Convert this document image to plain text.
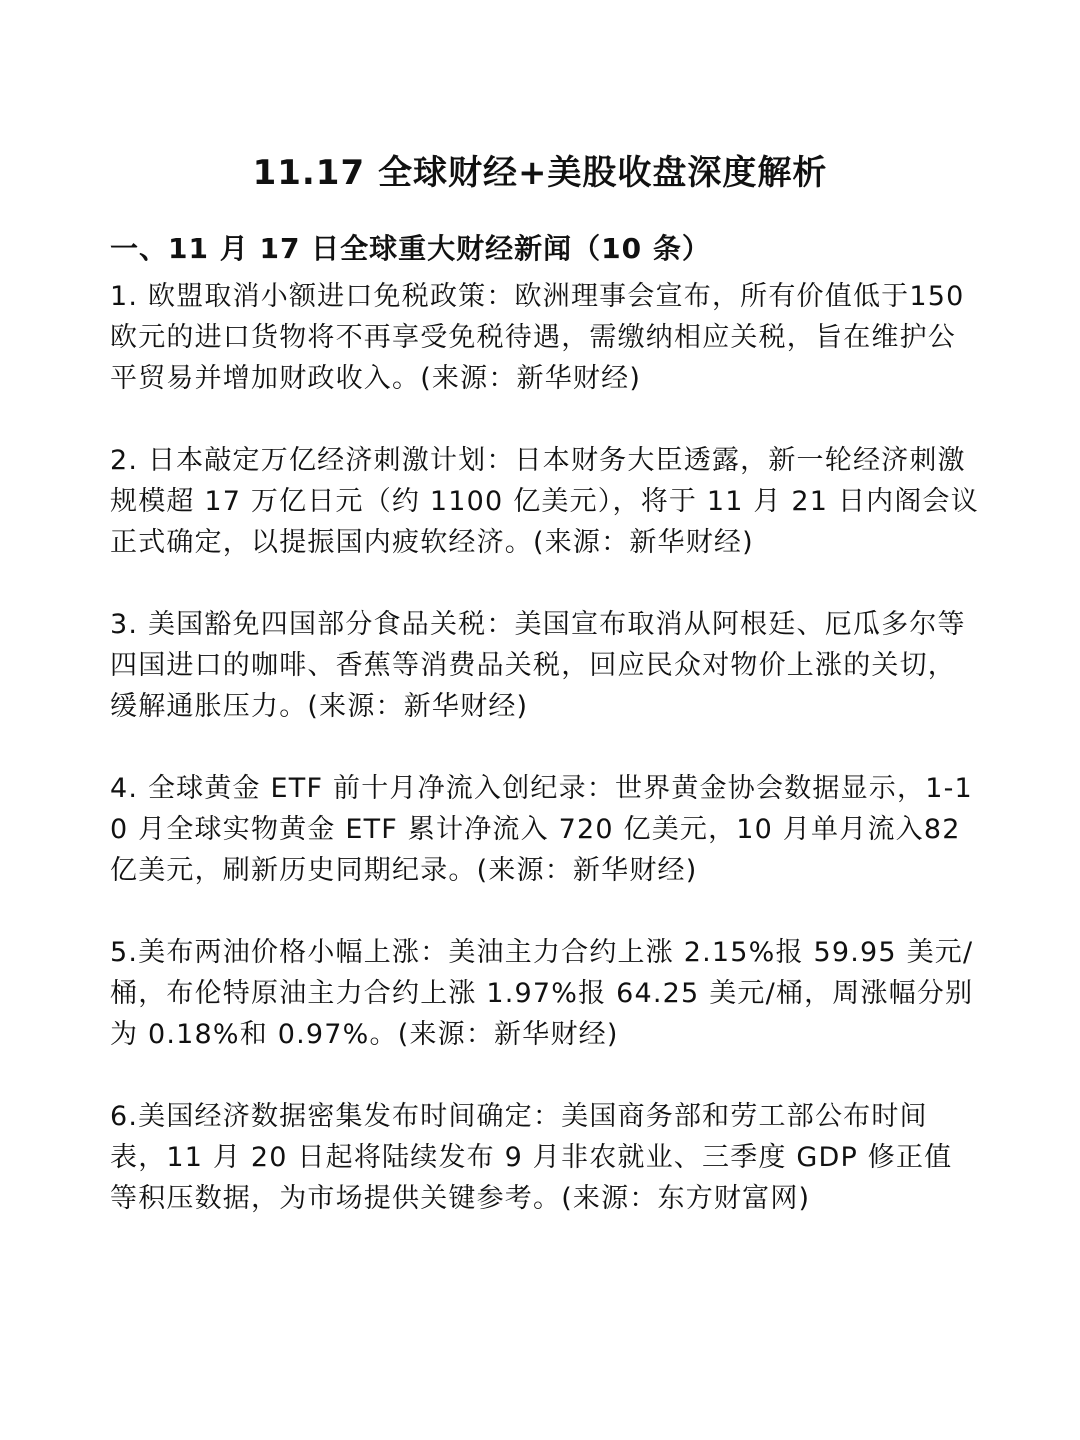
11.17 全球财经+美股收盘深度解析
一、11 月 17 日全球重大财经新闻（10 条）
1. 欧盟取消小额进口免税政策：欧洲理事会宣布，所有价值低于150 欧元的进口货物将不再享受免税待遇，需缴纳相应关税，旨在维护公平贸易并增加财政收入。(来源：新华财经)
2. 日本敲定万亿经济刺激计划：日本财务大臣透露，新一轮经济刺激规模超 17 万亿日元（约 1100 亿美元），将于 11 月 21 日内阁会议正式确定，以提振国内疲软经济。(来源：新华财经)
3. 美国豁免四国部分食品关税：美国宣布取消从阿根廷、厄瓜多尔等四国进口的咖啡、香蕉等消费品关税，回应民众对物价上涨的关切，缓解通胀压力。(来源：新华财经)
4. 全球黄金 ETF 前十月净流入创纪录：世界黄金协会数据显示，1-10 月全球实物黄金 ETF 累计净流入 720 亿美元，10 月单月流入82 亿美元，刷新历史同期纪录。(来源：新华财经)
5.美布两油价格小幅上涨：美油主力合约上涨 2.15%报 59.95 美元/桶，布伦特原油主力合约上涨 1.97%报 64.25 美元/桶，周涨幅分别为 0.18%和 0.97%。(来源：新华财经)
6.美国经济数据密集发布时间确定：美国商务部和劳工部公布时间表，11 月 20 日起将陆续发布 9 月非农就业、三季度 GDP 修正值等积压数据，为市场提供关键参考。(来源：东方财富网)
